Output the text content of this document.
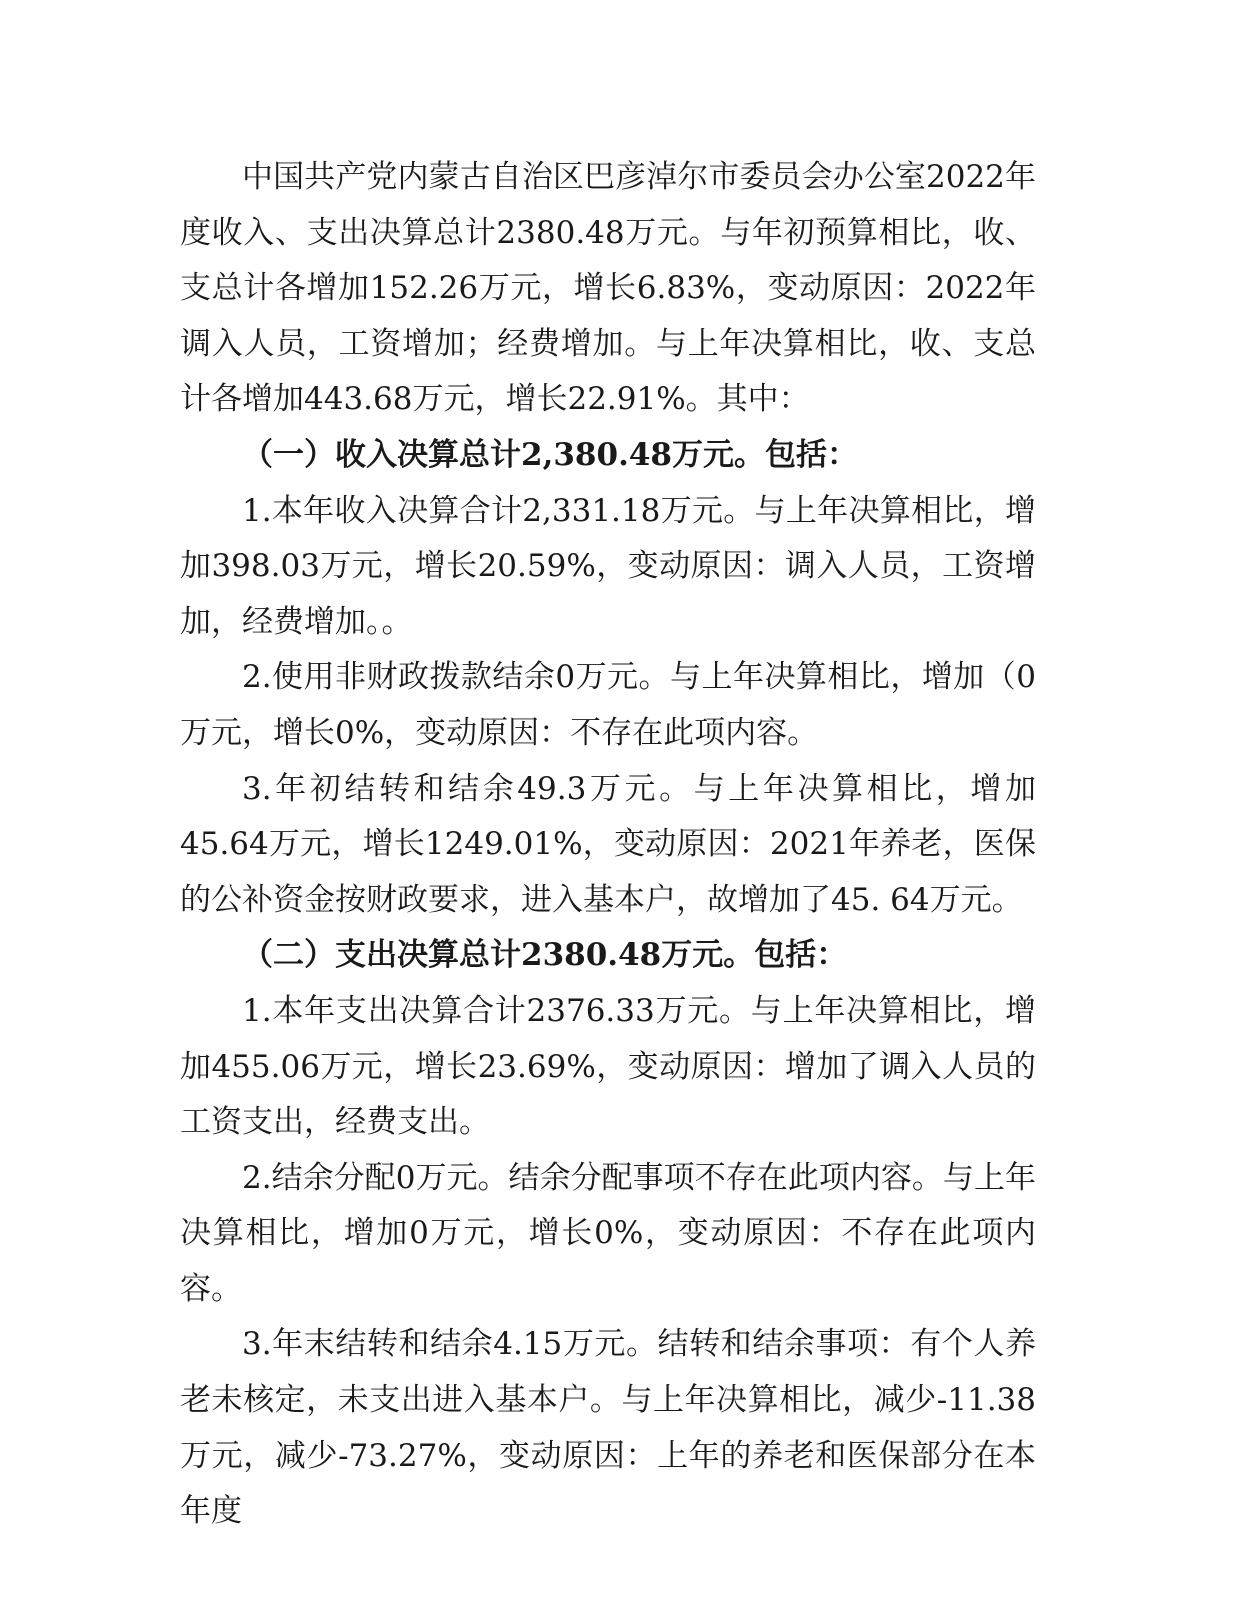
中国共产党内蒙古自治区巴彦淖尔市委员会办公室2022年度收入、支出决算总计2380.48万元。与年初预算相比，收、支总计各增加152.26万元，增长6.83%，变动原因：2022年调入人员，工资增加；经费增加。与上年决算相比，收、支总计各增加443.68万元，增长22.91%。其中：

（一）收入决算总计2,380.48万元。包括：

1.本年收入决算合计2,331.18万元。与上年决算相比，增加398.03万元，增长20.59%，变动原因：调入人员，工资增加，经费增加。。

2.使用非财政拨款结余0万元。与上年决算相比，增加（0万元，增长0%，变动原因：不存在此项内容。

3.年初结转和结余49.3万元。与上年决算相比，增加45.64万元，增长1249.01%，变动原因：2021年养老，医保的公补资金按财政要求，进入基本户，故增加了45. 64万元。

（二）支出决算总计2380.48万元。包括：

1.本年支出决算合计2376.33万元。与上年决算相比，增加455.06万元，增长23.69%，变动原因：增加了调入人员的工资支出，经费支出。

2.结余分配0万元。结余分配事项不存在此项内容。与上年决算相比，增加0万元，增长0%，变动原因：不存在此项内容。

3.年末结转和结余4.15万元。结转和结余事项：有个人养老未核定，未支出进入基本户。与上年决算相比，减少-11.38万元，减少-73.27%，变动原因：上年的养老和医保部分在本年度
